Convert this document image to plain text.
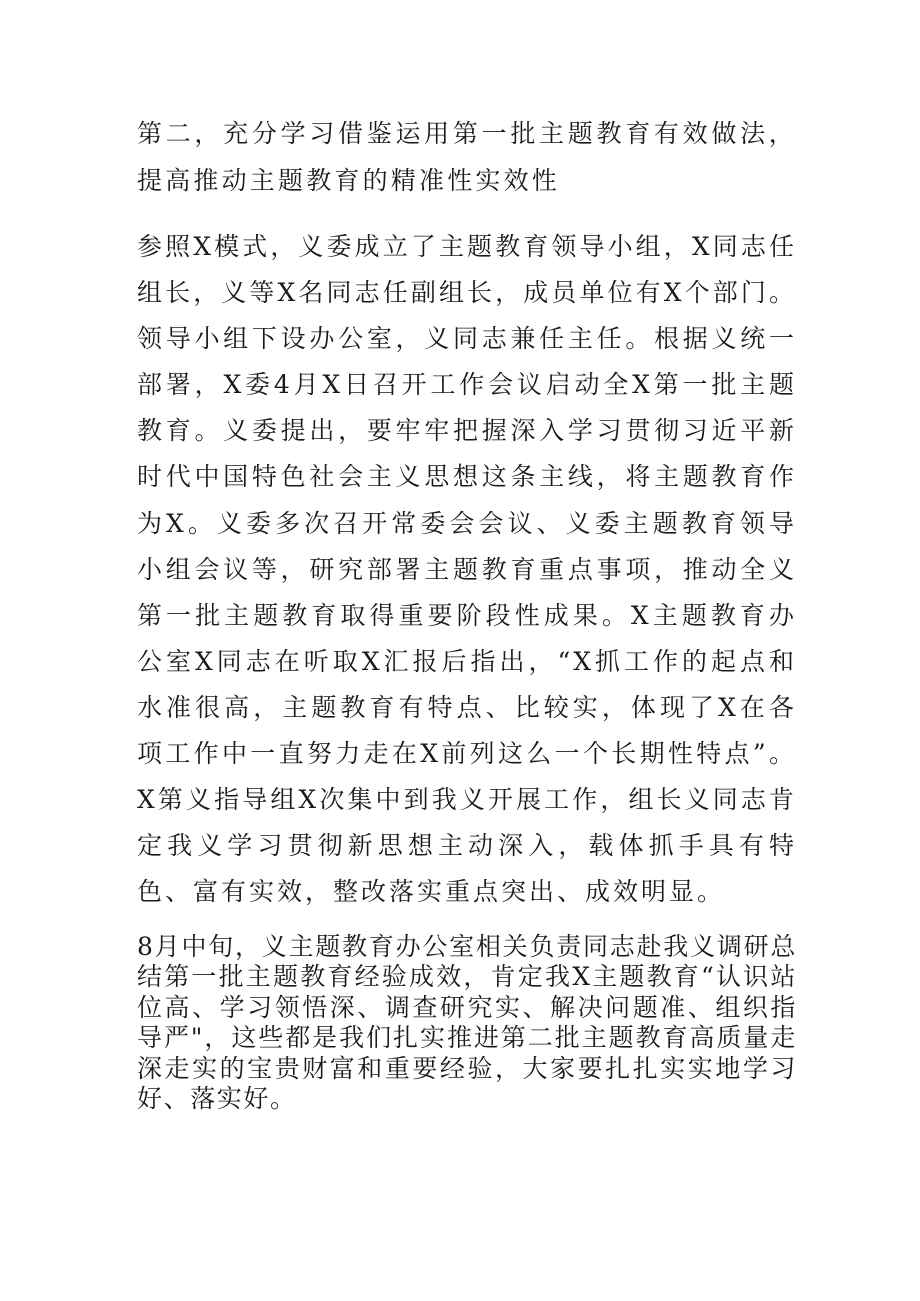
第二，充分学习借鉴运用第一批主题教育有效做法，提高推动主题教育的精准性实效性

参照X模式，义委成立了主题教育领导小组，X同志任组长，义等X名同志任副组长，成员单位有X个部门。领导小组下设办公室，义同志兼任主任。根据义统一部署，X委4月X日召开工作会议启动全X第一批主题教育。义委提出，要牢牢把握深入学习贯彻习近平新时代中国特色社会主义思想这条主线，将主题教育作为X。义委多次召开常委会会议、义委主题教育领导小组会议等，研究部署主题教育重点事项，推动全义第一批主题教育取得重要阶段性成果。X主题教育办公室X同志在听取X汇报后指出，“X抓工作的起点和水准很高，主题教育有特点、比较实，体现了X在各项工作中一直努力走在X前列这么一个长期性特点”。X第义指导组X次集中到我义开展工作，组长义同志肯定我义学习贯彻新思想主动深入，载体抓手具有特色、富有实效，整改落实重点突出、成效明显。

8月中旬，义主题教育办公室相关负责同志赴我义调研总结第一批主题教育经验成效，肯定我X主题教育“认识站位高、学习领悟深、调查研究实、解决问题准、组织指导严"，这些都是我们扎实推进第二批主题教育高质量走深走实的宝贵财富和重要经验，大家要扎扎实实地学习好、落实好。
